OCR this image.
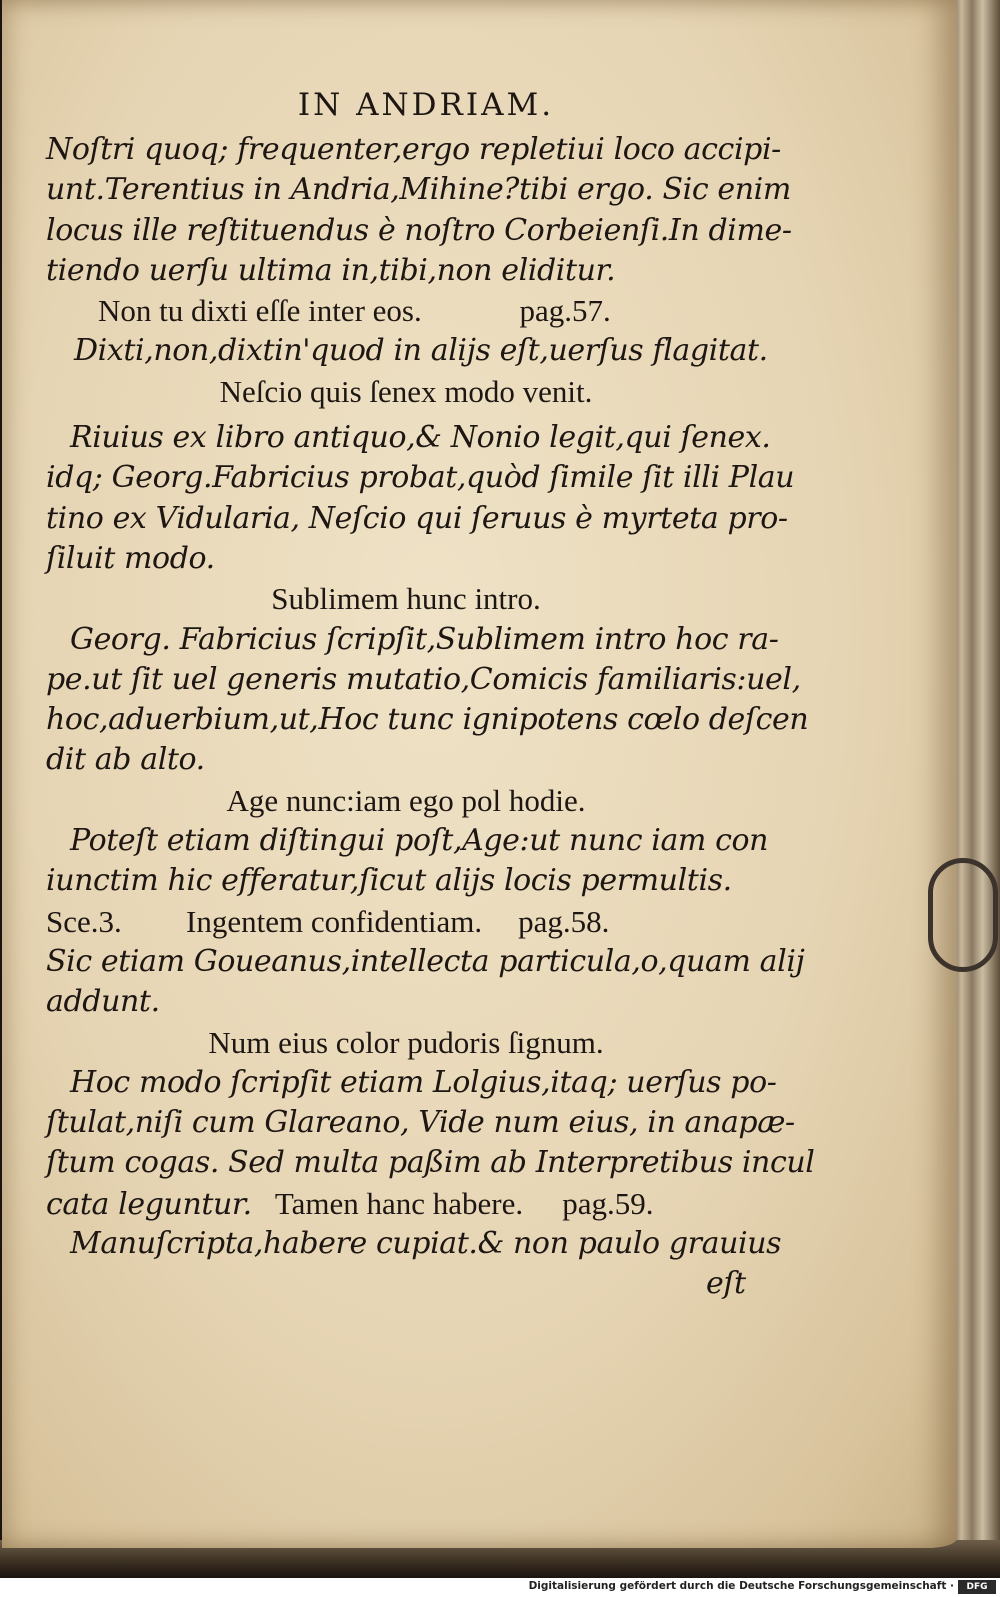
IN ANDRIAM.
Noſtri quoq; frequenter,ergo repletiui loco accipi-
unt.Terentius in Andria,Mihine?tibi ergo. Sic enim
locus ille reſtituendus è noſtro Corbeienſi.In dime-
tiendo uerſu ultima in,tibi,non eliditur.
Non tu dixti eſſe inter eos.	pag.57.
Dixti,non,dixtin'quod in alijs eſt,uerſus flagitat.
Neſcio quis ſenex modo venit.
Riuius ex libro antiquo,& Nonio legit,qui ſenex.
idq; Georg.Fabricius probat,quòd ſimile ſit illi Plau
tino ex Vidularia, Neſcio qui ſeruus è myrteta pro-
ſiluit modo.
Sublimem hunc intro.
Georg. Fabricius ſcripſit,Sublimem intro hoc ra-
pe.ut ſit uel generis mutatio,Comicis familiaris:uel,
hoc,aduerbium,ut,Hoc tunc ignipotens cœlo deſcen
dit ab alto.
Age nunc:iam ego pol hodie.
Poteſt etiam diſtingui poſt,Age:ut nunc iam con
iunctim hic efferatur,ſicut alijs locis permultis.
Sce.3. Ingentem confidentiam. pag.58.
Sic etiam Goueanus,intellecta particula,o,quam alij
addunt.
Num eius color pudoris ſignum.
Hoc modo ſcripſit etiam Lolgius,itaq; uerſus po-
ſtulat,niſi cum Glareano, Vide num eius, in anapæ-
ſtum cogas. Sed multa paßim ab Interpretibus incul
cata leguntur. Tamen hanc habere. pag.59.
Manuſcripta,habere cupiat.& non paulo grauius
eſt
Digitalisierung gefördert durch die Deutsche Forschungsgemeinschaft ·	DFG
